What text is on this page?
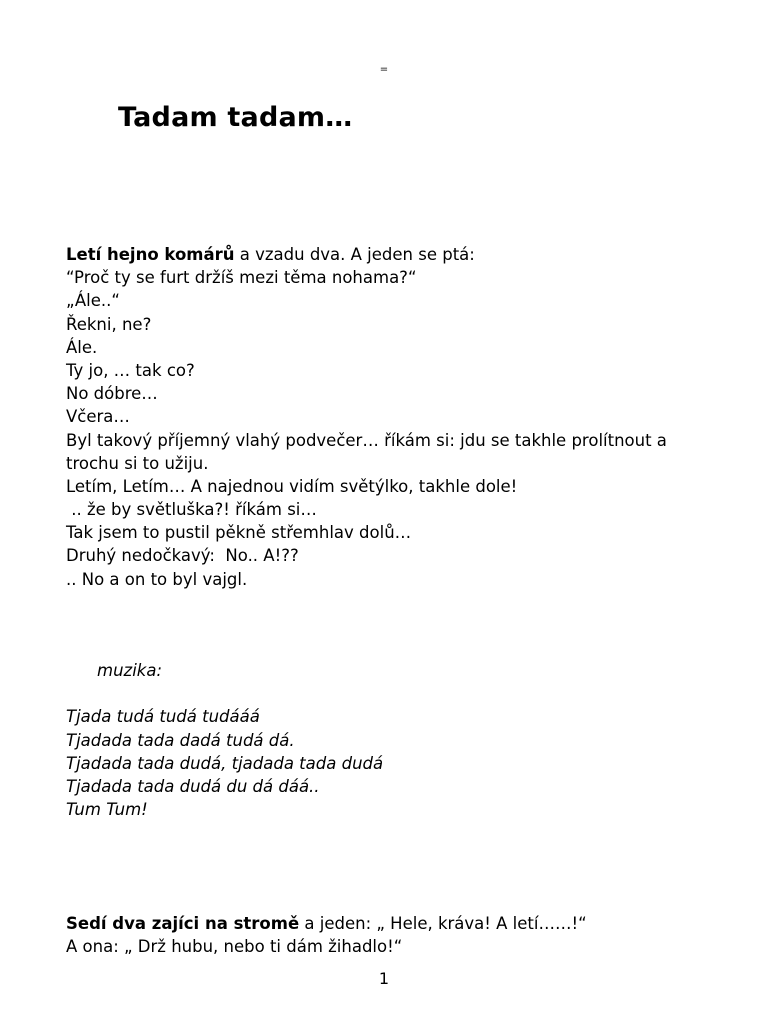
=
Tadam tadam…

Letí hejno komárů a vzadu dva. A jeden se ptá:

“Proč ty se furt držíš mezi těma nohama?“

„Ále..“

Řekni, ne?

Ále.

Ty jo, … tak co?

No dóbre…

Včera…

Byl takový příjemný vlahý podvečer… říkám si: jdu se takhle prolítnout a

trochu si to užiju.

Letím, Letím… A najednou vidím světýlko, takhle dole!

.. že by světluška?! říkám si…

Tak jsem to pustil pěkně střemhlav dolů…

Druhý nedočkavý:  No.. A!??

.. No a on to byl vajgl.

muzika:

Tjada tudá tudá tudááá

Tjadada tada dadá tudá dá.

Tjadada tada dudá, tjadada tada dudá

Tjadada tada dudá du dá dáá..

Tum Tum!

Sedí dva zajíci na stromě a jeden: „ Hele, kráva! A letí……!“

A ona: „ Drž hubu, nebo ti dám žihadlo!“

1
